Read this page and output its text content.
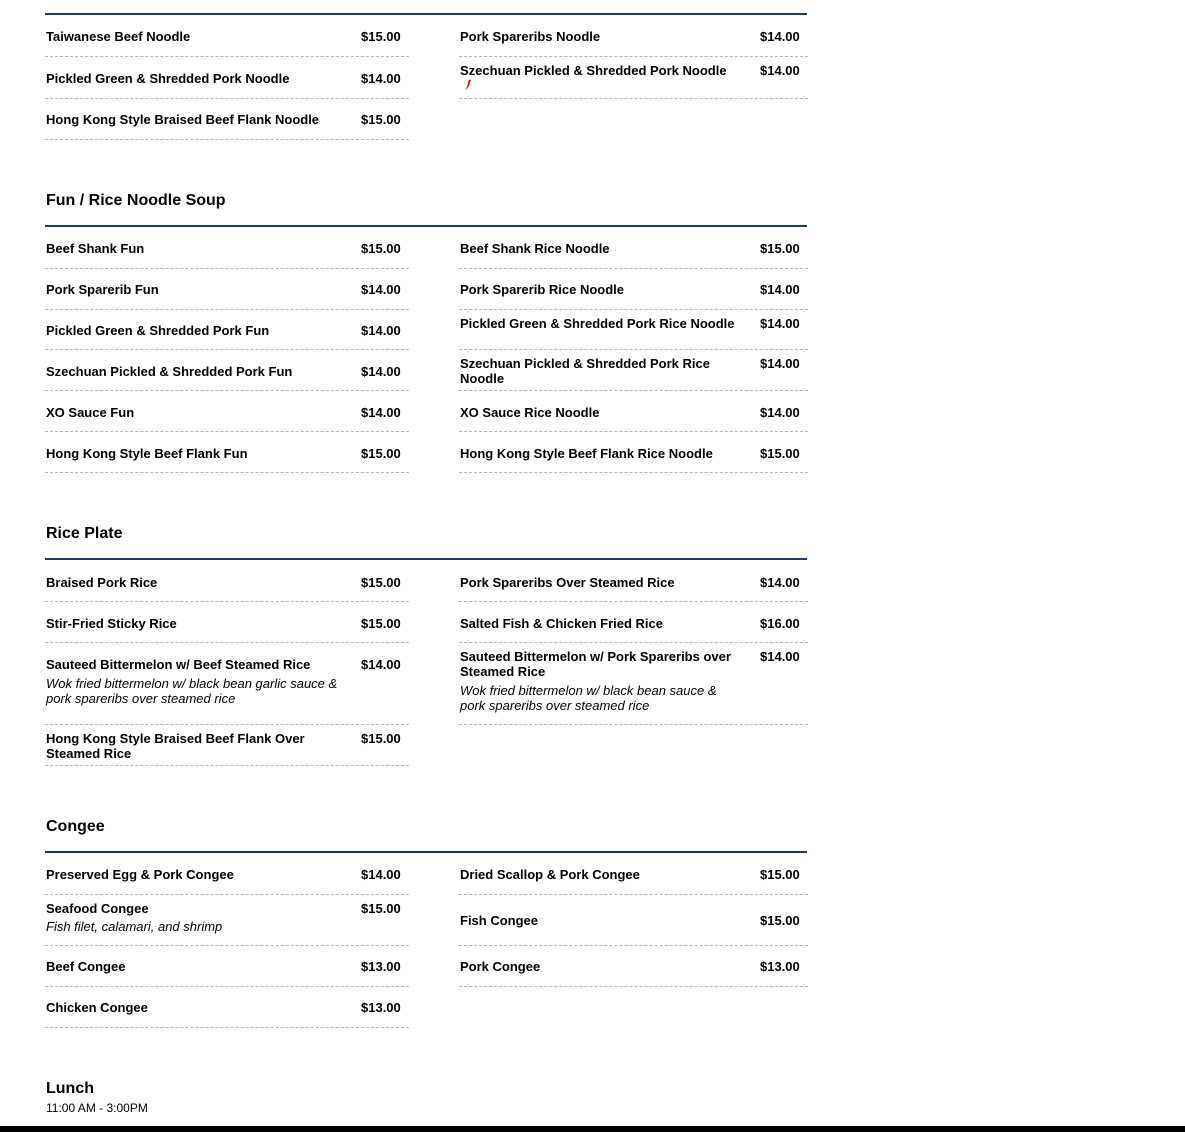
Taiwanese Beef Noodle	$15.00
Pickled Green & Shredded Pork Noodle	$14.00
Hong Kong Style Braised Beef Flank Noodle	$15.00
Pork Spareribs Noodle	$14.00
Szechuan Pickled & Shredded Pork Noodle	$14.00
Fun / Rice Noodle Soup
Beef Shank Fun	$15.00
Pork Sparerib Fun	$14.00
Pickled Green & Shredded Pork Fun	$14.00
Szechuan Pickled & Shredded Pork Fun	$14.00
XO Sauce Fun	$14.00
Hong Kong Style Beef Flank Fun	$15.00
Beef Shank Rice Noodle	$15.00
Pork Sparerib Rice Noodle	$14.00
Pickled Green & Shredded Pork Rice Noodle	$14.00
Szechuan Pickled & Shredded Pork Rice Noodle
$14.00
XO Sauce Rice Noodle	$14.00
Hong Kong Style Beef Flank Rice Noodle	$15.00
Rice Plate
Braised Pork Rice	$15.00
Stir-Fried Sticky Rice	$15.00
Sauteed Bittermelon w/ Beef Steamed Rice	$14.00
Wok fried bittermelon w/ black bean garlic sauce & pork spareribs over steamed rice
Hong Kong Style Braised Beef Flank Over Steamed Rice
$15.00
Pork Spareribs Over Steamed Rice	$14.00
Salted Fish & Chicken Fried Rice	$16.00
Sauteed Bittermelon w/ Pork Spareribs over Steamed Rice
$14.00
Wok fried bittermelon w/ black bean sauce & pork spareribs over steamed rice
Congee
Preserved Egg & Pork Congee	$14.00
Seafood Congee	$15.00
Fish filet, calamari, and shrimp
Beef Congee	$13.00
Chicken Congee	$13.00
Dried Scallop & Pork Congee	$15.00
Fish Congee	$15.00
Pork Congee	$13.00
Lunch
11:00 AM - 3:00PM
